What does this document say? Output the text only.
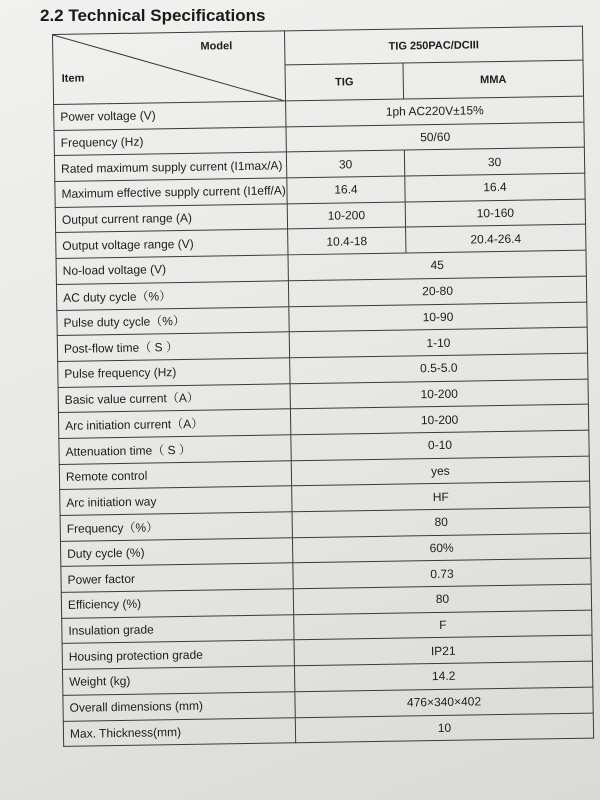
2.2 Technical Specifications
Model
Item	TIG 250PAC/DCIII	
	TIG	MMA
Power voltage (V)	1ph AC220V±15%	
Frequency (Hz)	50/60	
Rated maximum supply current (I1max/A)	30	30
Maximum effective supply current (I1eff/A)	16.4	16.4
Output current range (A)	10-200	10-160
Output voltage range (V)	10.4-18	20.4-26.4
No-load voltage (V)	45	
AC duty cycle（%）	20-80	
Pulse duty cycle（%）	10-90	
Post-flow time（ S ）	1-10	
Pulse frequency (Hz)	0.5-5.0	
Basic value current（A）	10-200	
Arc initiation current（A）	10-200	
Attenuation time（ S ）	0-10	
Remote control	yes	
Arc initiation way	HF	
Frequency（%）	80	
Duty cycle (%)	60%	
Power factor	0.73	
Efficiency (%)	80	
Insulation grade	F	
Housing protection grade	IP21	
Weight (kg)	14.2	
Overall dimensions (mm)	476×340×402	
Max. Thickness(mm)	10	
